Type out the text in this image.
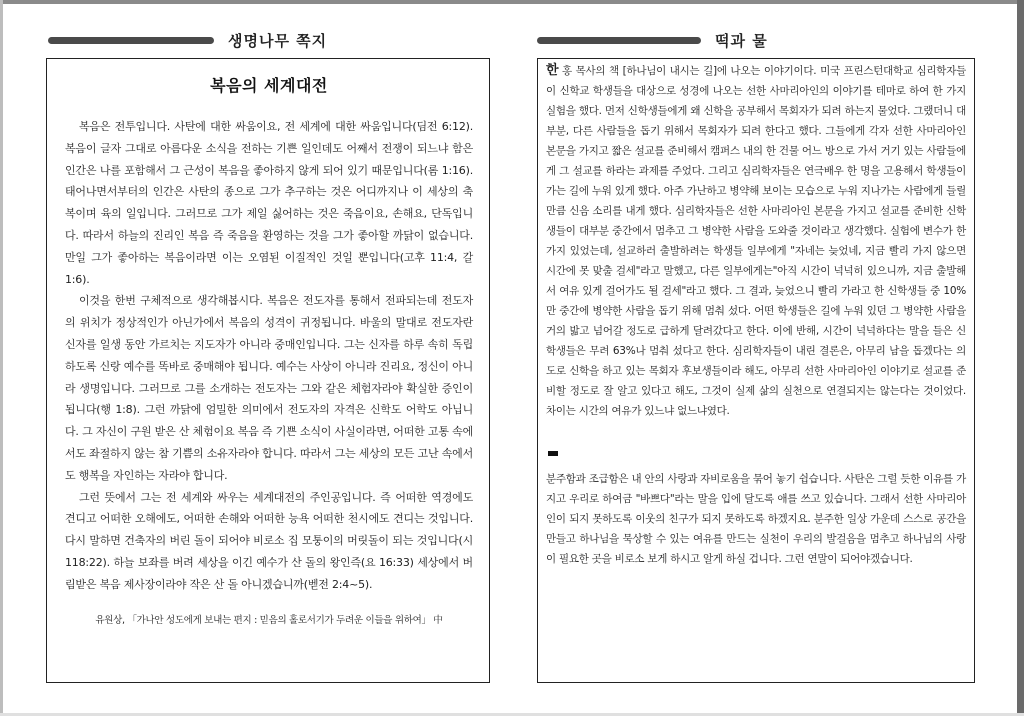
생명나무 쪽지	떡과 물
복음의 세계대전

복음은 전투입니다. 사탄에 대한 싸움이요, 전 세계에 대한 싸움입니다(딤전 6:12). 복음이 글자 그대로 아름다운 소식을 전하는 기쁜 일인데도 어째서 전쟁이 되느냐 함은 인간은 나를 포함해서 그 근성이 복음을 좋아하지 않게 되어 있기 때문입니다(롬 1:16). 태어나면서부터의 인간은 사탄의 종으로 그가 추구하는 것은 어디까지나 이 세상의 축복이며 육의 일입니다. 그러므로 그가 제일 싫어하는 것은 죽음이요, 손해요, 단독입니다. 따라서 하늘의 진리인 복음 즉 죽음을 환영하는 것을 그가 좋아할 까닭이 없습니다. 만일 그가 좋아하는 복음이라면 이는 오염된 이질적인 것일 뿐입니다(고후 11:4, 갈 1:6).

이것을 한번 구체적으로 생각해봅시다. 복음은 전도자를 통해서 전파되는데 전도자의 위치가 정상적인가 아닌가에서 복음의 성격이 귀정됩니다. 바울의 말대로 전도자란 신자를 일생 동안 가르치는 지도자가 아니라 중매인입니다. 그는 신자를 하루 속히 독립하도록 신랑 예수를 똑바로 중매해야 됩니다. 예수는 사상이 아니라 진리요, 정신이 아니라 생명입니다. 그러므로 그를 소개하는 전도자는 그와 같은 체험자라야 확실한 증인이 됩니다(행 1:8). 그런 까닭에 엄밀한 의미에서 전도자의 자격은 신학도 어학도 아닙니다. 그 자신이 구원 받은 산 체험이요 복음 즉 기쁜 소식이 사실이라면, 어떠한 고통 속에서도 좌절하지 않는 참 기쁨의 소유자라야 합니다. 따라서 그는 세상의 모든 고난 속에서도 행복을 자인하는 자라야 합니다.

그런 뜻에서 그는 전 세계와 싸우는 세계대전의 주인공입니다. 즉 어떠한 역경에도 견디고 어떠한 오해에도, 어떠한 손해와 어떠한 능욕 어떠한 천시에도 견디는 것입니다. 다시 말하면 건축자의 버린 돌이 되어야 비로소 집 모퉁이의 머릿돌이 되는 것입니다(시 118:22). 하늘 보좌를 버려 세상을 이긴 예수가 산 돌의 왕인즉(요 16:33) 세상에서 버림받은 복음 제사장이라야 작은 산 돌 아니겠습니까(벧전 2:4~5).

유원상, 「가나안 성도에게 보내는 편지 : 믿음의 홀로서기가 두려운 이들을 위하여」 中

한 홍 목사의 책 [하나님이 내시는 길]에 나오는 이야기이다. 미국 프린스턴대학교 심리학자들이 신학교 학생들을 대상으로 성경에 나오는 선한 사마리아인의 이야기를 테마로 하여 한 가지 실험을 했다. 먼저 신학생들에게 왜 신학을 공부해서 목회자가 되려 하는지 물었다. 그랬더니 대부분, 다른 사람들을 돕기 위해서 목회자가 되려 한다고 했다. 그들에게 각자 선한 사마리아인 본문을 가지고 짧은 설교를 준비해서 캠퍼스 내의 한 건물 어느 방으로 가서 거기 있는 사람들에게 그 설교를 하라는 과제를 주었다. 그리고 심리학자들은 연극배우 한 명을 고용해서 학생들이 가는 길에 누워 있게 했다. 아주 가난하고 병약해 보이는 모습으로 누워 지나가는 사람에게 들릴 만큼 신음 소리를 내게 했다. 심리학자들은 선한 사마리아인 본문을 가지고 설교를 준비한 신학생들이 대부분 중간에서 멈추고 그 병약한 사람을 도와줄 것이라고 생각했다. 실험에 변수가 한 가지 있었는데, 설교하러 출발하려는 학생들 일부에게 "자네는 늦었네, 지금 빨리 가지 않으면 시간에 못 맞출 걸세"라고 말했고, 다른 일부에게는"아직 시간이 넉넉히 있으니까, 지금 출발해서 여유 있게 걸어가도 될 걸세"라고 했다. 그 결과, 늦었으니 빨리 가라고 한 신학생들 중 10%만 중간에 병약한 사람을 돕기 위해 멈춰 섰다. 어떤 학생들은 길에 누워 있던 그 병약한 사람을 거의 밟고 넘어갈 정도로 급하게 달려갔다고 한다. 이에 반해, 시간이 넉넉하다는 말을 들은 신학생들은 무려 63%나 멈춰 섰다고 한다. 심리학자들이 내린 결론은, 아무리 남을 돕겠다는 의도로 신학을 하고 있는 목회자 후보생들이라 해도, 아무리 선한 사마리아인 이야기로 설교를 준비할 정도로 잘 알고 있다고 해도, 그것이 실제 삶의 실천으로 연결되지는 않는다는 것이었다. 차이는 시간의 여유가 있느냐 없느냐였다.

분주함과 조급함은 내 안의 사랑과 자비로움을 묶어 놓기 쉽습니다. 사탄은 그럴 듯한 이유를 가지고 우리로 하여금 "바쁘다"라는 말을 입에 달도록 애를 쓰고 있습니다. 그래서 선한 사마리아인이 되지 못하도록 이웃의 친구가 되지 못하도록 하겠지요. 분주한 일상 가운데 스스로 공간을 만들고 하나님을 묵상할 수 있는 여유를 만드는 실천이 우리의 발걸음을 멈추고 하나님의 사랑이 필요한 곳을 비로소 보게 하시고 알게 하실 겁니다. 그런 연말이 되어야겠습니다.
